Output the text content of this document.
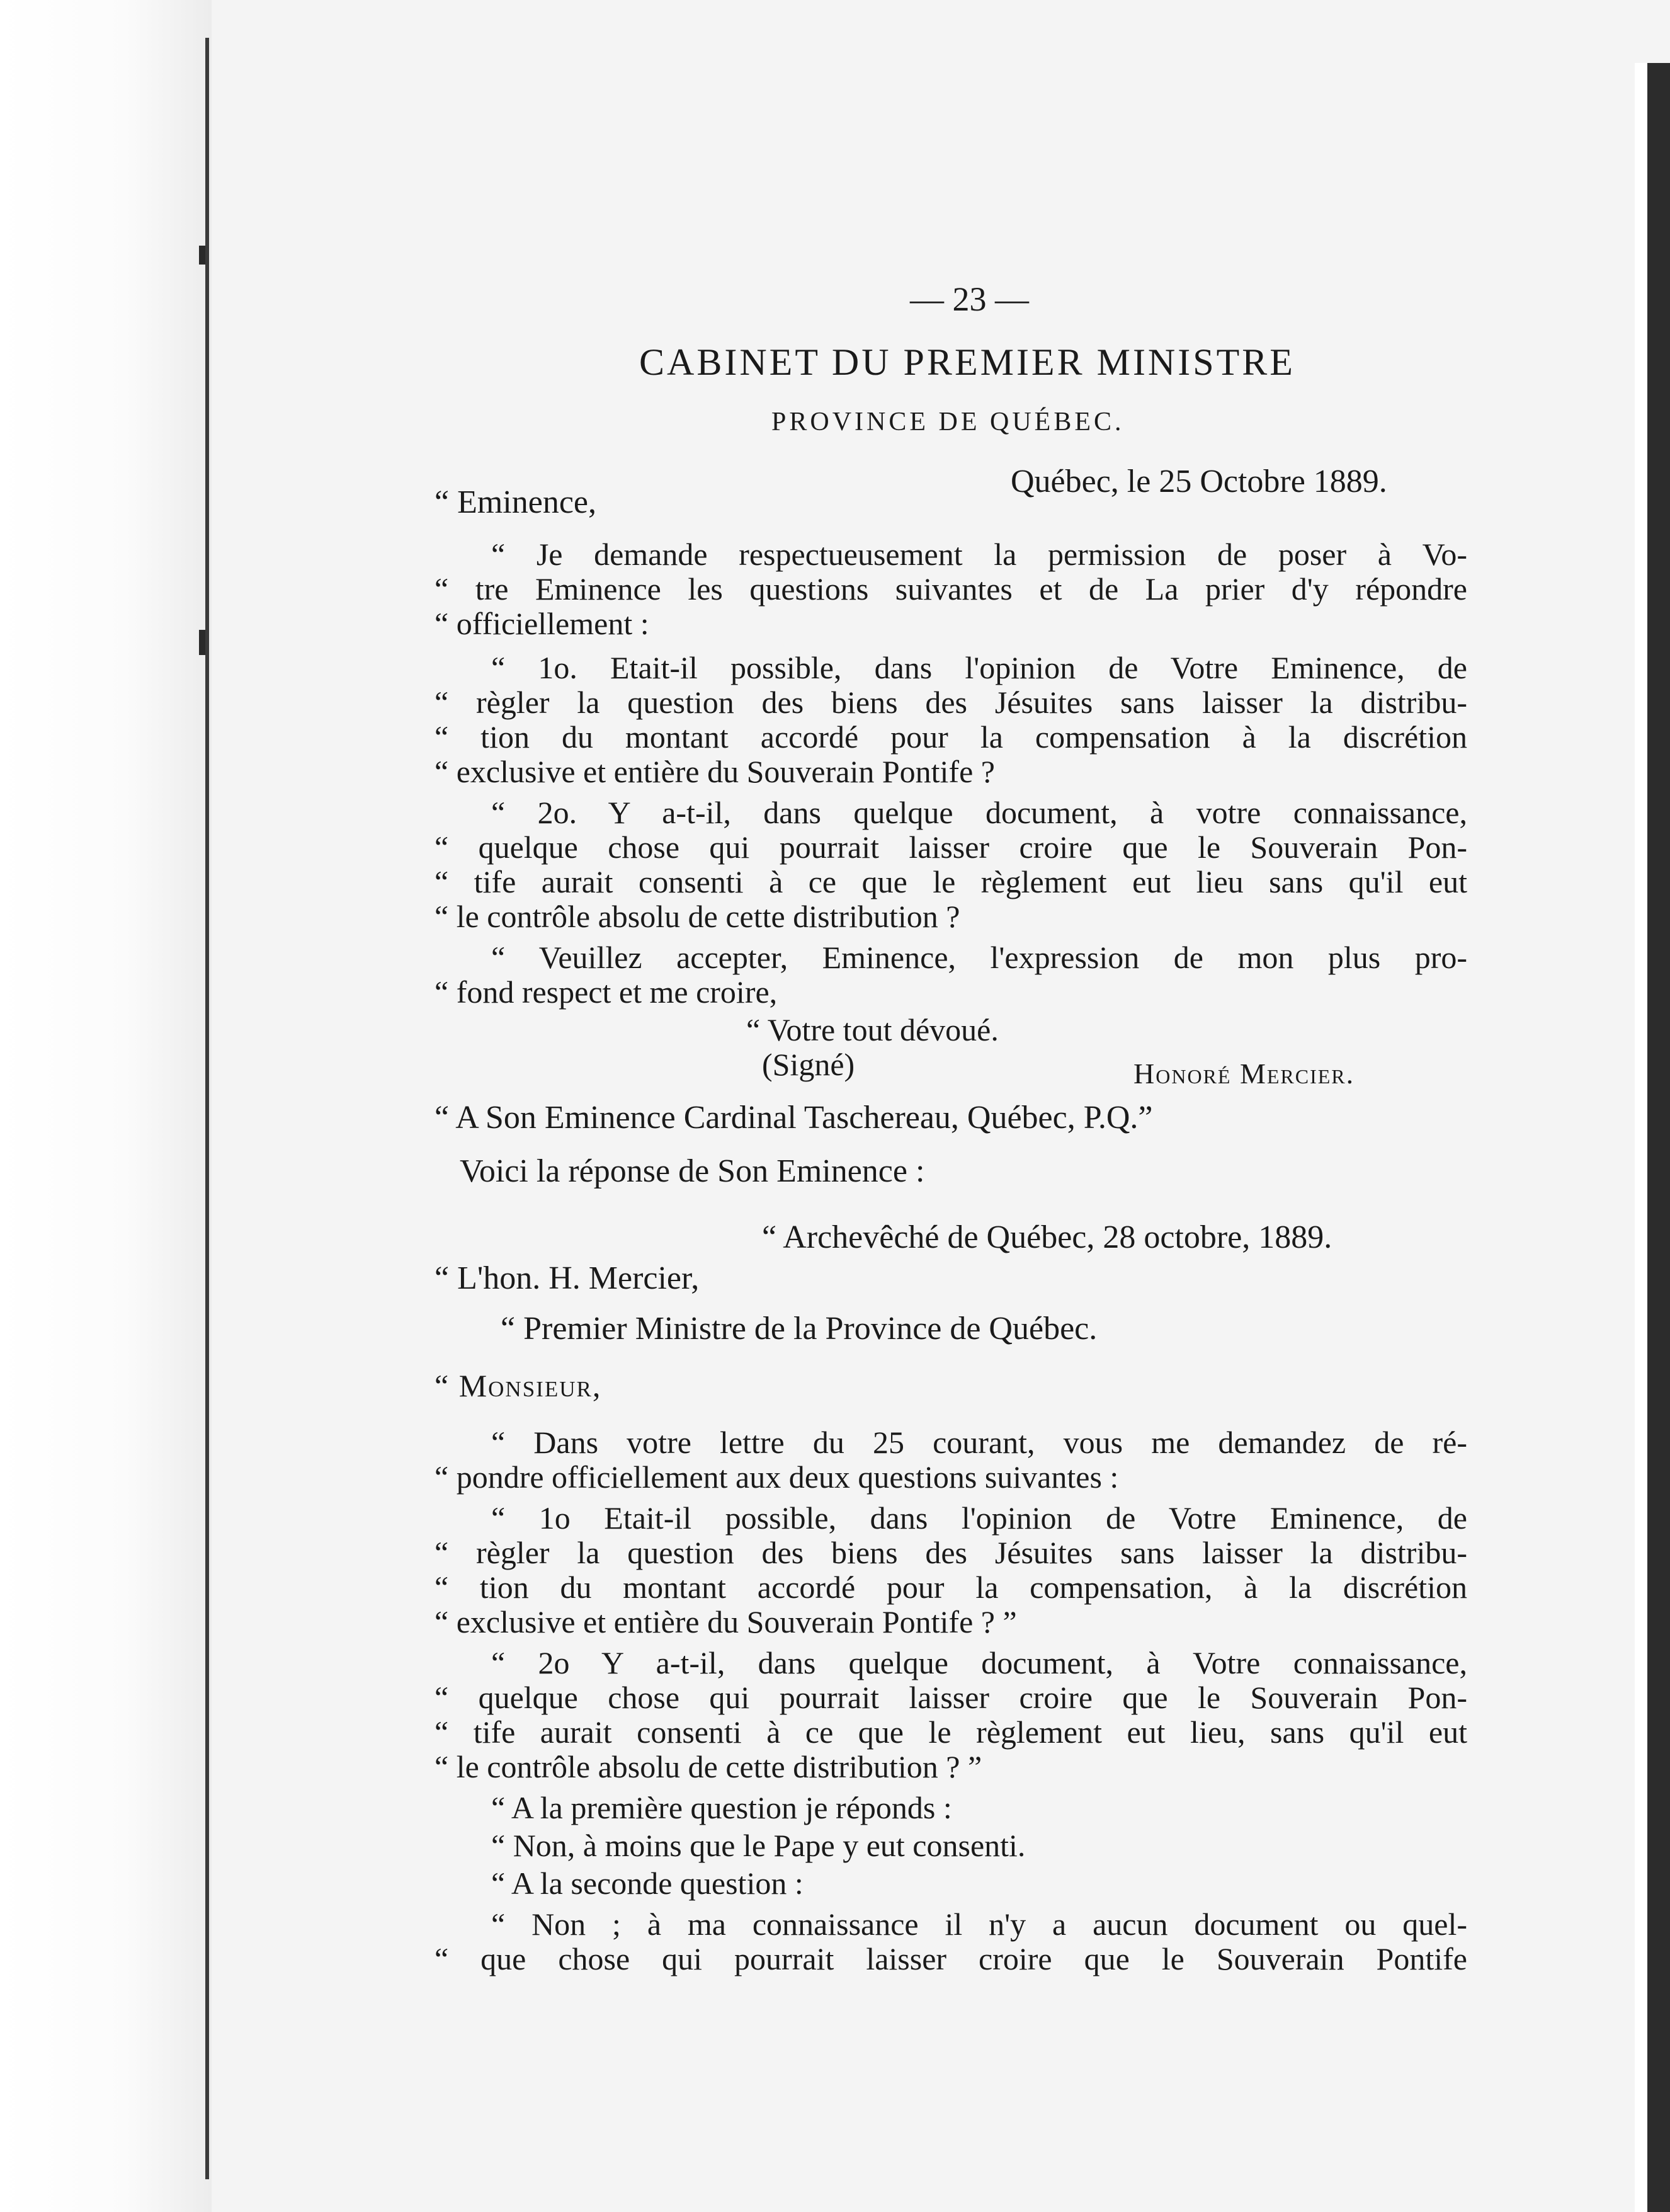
— 23 —
CABINET DU PREMIER MINISTRE
PROVINCE DE QUÉBEC.
Québec, le 25 Octobre 1889.
“ Eminence,
“ Je demande respectueusement la permission de poser à Vo-
“ tre Eminence les questions suivantes et de La prier d'y répondre
“ officiellement :
“ 1o. Etait-il possible, dans l'opinion de Votre Eminence, de
“ règler la question des biens des Jésuites sans laisser la distribu-
“ tion du montant accordé pour la compensation à la discrétion
“ exclusive et entière du Souverain Pontife ?
“ 2o. Y a-t-il, dans quelque document, à votre connaissance,
“ quelque chose qui pourrait laisser croire que le Souverain Pon-
“ tife aurait consenti à ce que le règlement eut lieu sans qu'il eut
“ le contrôle absolu de cette distribution ?
“ Veuillez accepter, Eminence, l'expression de mon plus pro-
“ fond respect et me croire,
“ Votre tout dévoué.
(Signé)	Honoré Mercier.
“ A Son Eminence Cardinal Taschereau, Québec, P.Q.”
Voici la réponse de Son Eminence :
“ Archevêché de Québec, 28 octobre, 1889.
“ L'hon. H. Mercier,
“ Premier Ministre de la Province de Québec.
“ Monsieur,
“ Dans votre lettre du 25 courant, vous me demandez de ré-
“ pondre officiellement aux deux questions suivantes :
“ 1o Etait-il possible, dans l'opinion de Votre Eminence, de
“ règler la question des biens des Jésuites sans laisser la distribu-
“ tion du montant accordé pour la compensation, à la discrétion
“ exclusive et entière du Souverain Pontife ? ”
“ 2o Y a-t-il, dans quelque document, à Votre connaissance,
“ quelque chose qui pourrait laisser croire que le Souverain Pon-
“ tife aurait consenti à ce que le règlement eut lieu, sans qu'il eut
“ le contrôle absolu de cette distribution ? ”
“ A la première question je réponds :
“ Non, à moins que le Pape y eut consenti.
“ A la seconde question :
“ Non ; à ma connaissance il n'y a aucun document ou quel-
“ que chose qui pourrait laisser croire que le Souverain Pontife
